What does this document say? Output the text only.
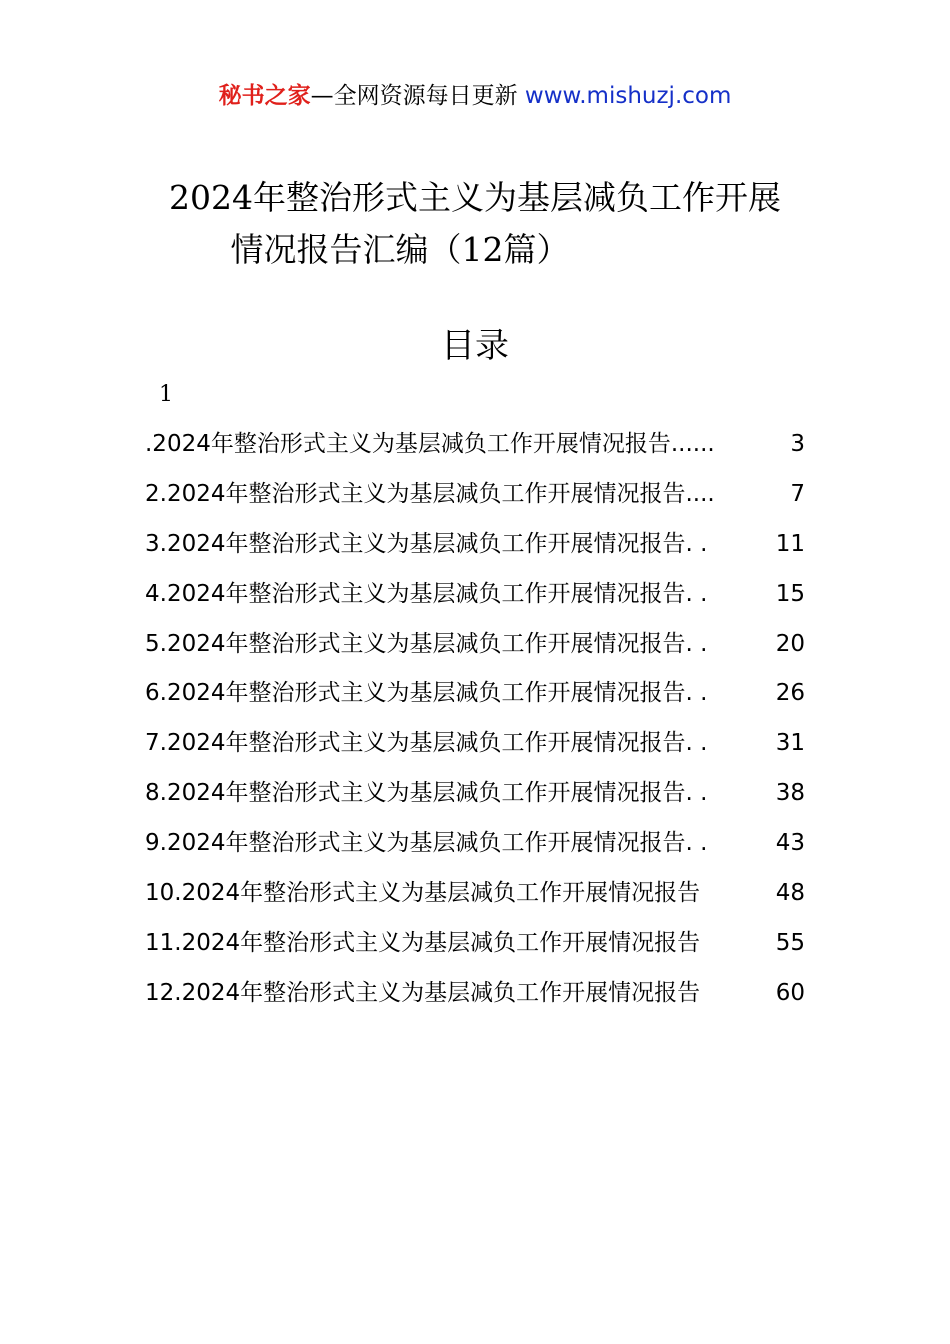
秘书之家—全网资源每日更新 www.mishuzj.com
2024年整治形式主义为基层减负工作开展
情况报告汇编（12篇）
目录
1
.2024年整治形式主义为基层减负工作开展情况报告......	3
2.2024年整治形式主义为基层减负工作开展情况报告....	7
3.2024年整治形式主义为基层减负工作开展情况报告. .	11
4.2024年整治形式主义为基层减负工作开展情况报告. .	15
5.2024年整治形式主义为基层减负工作开展情况报告. .	20
6.2024年整治形式主义为基层减负工作开展情况报告. .	26
7.2024年整治形式主义为基层减负工作开展情况报告. .	31
8.2024年整治形式主义为基层减负工作开展情况报告. .	38
9.2024年整治形式主义为基层减负工作开展情况报告. .	43
10.2024年整治形式主义为基层减负工作开展情况报告	48
11.2024年整治形式主义为基层减负工作开展情况报告	55
12.2024年整治形式主义为基层减负工作开展情况报告	60
